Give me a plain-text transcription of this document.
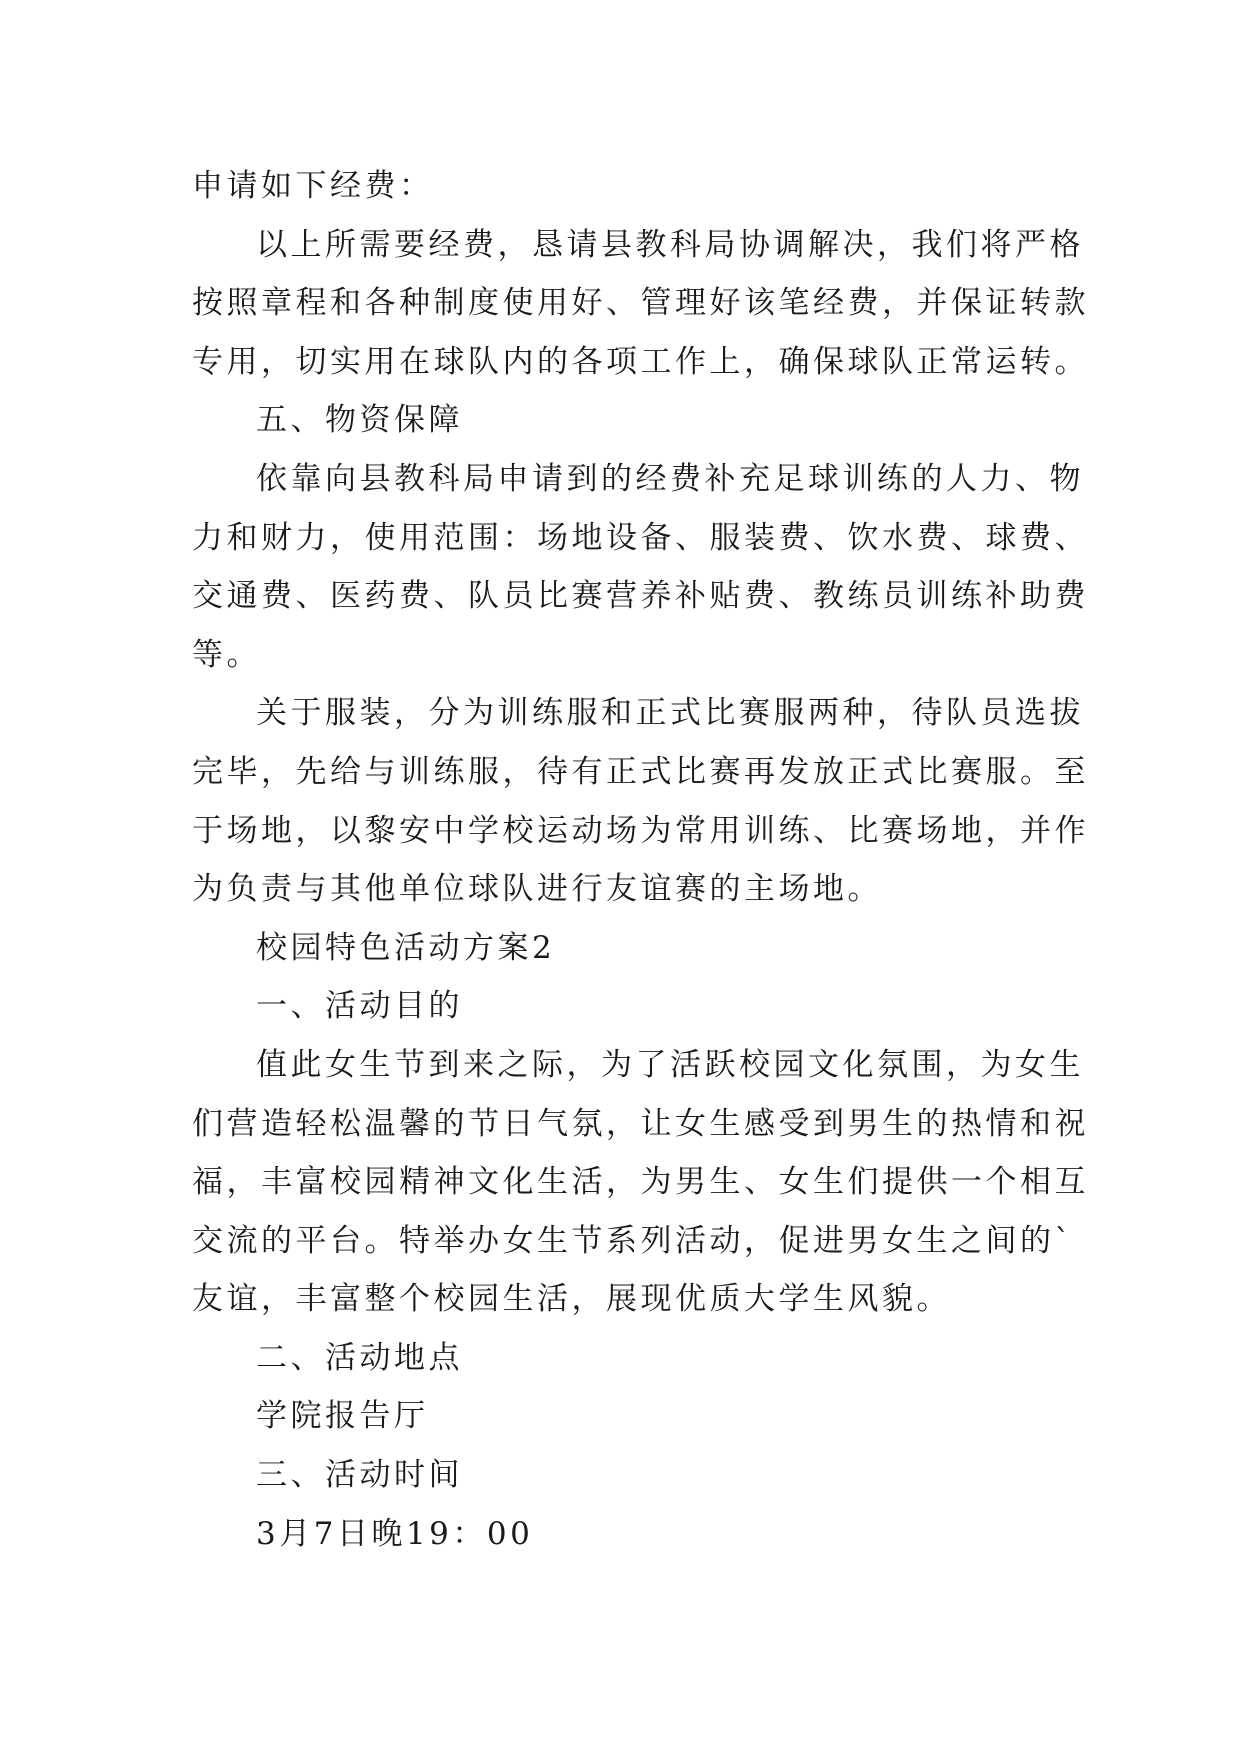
申请如下经费：

以上所需要经费，恳请县教科局协调解决，我们将严格

按照章程和各种制度使用好、管理好该笔经费，并保证转款

专用，切实用在球队内的各项工作上，确保球队正常运转。

五、物资保障

依靠向县教科局申请到的经费补充足球训练的人力、物

力和财力，使用范围：场地设备、服装费、饮水费、球费、

交通费、医药费、队员比赛营养补贴费、教练员训练补助费

等。

关于服装，分为训练服和正式比赛服两种，待队员选拔

完毕，先给与训练服，待有正式比赛再发放正式比赛服。至

于场地，以黎安中学校运动场为常用训练、比赛场地，并作

为负责与其他单位球队进行友谊赛的主场地。

校园特色活动方案2

一、活动目的

值此女生节到来之际，为了活跃校园文化氛围，为女生

们营造轻松温馨的节日气氛，让女生感受到男生的热情和祝

福，丰富校园精神文化生活，为男生、女生们提供一个相互

交流的平台。特举办女生节系列活动，促进男女生之间的`

友谊，丰富整个校园生活，展现优质大学生风貌。

二、活动地点

学院报告厅

三、活动时间

3月7日晚19：00
